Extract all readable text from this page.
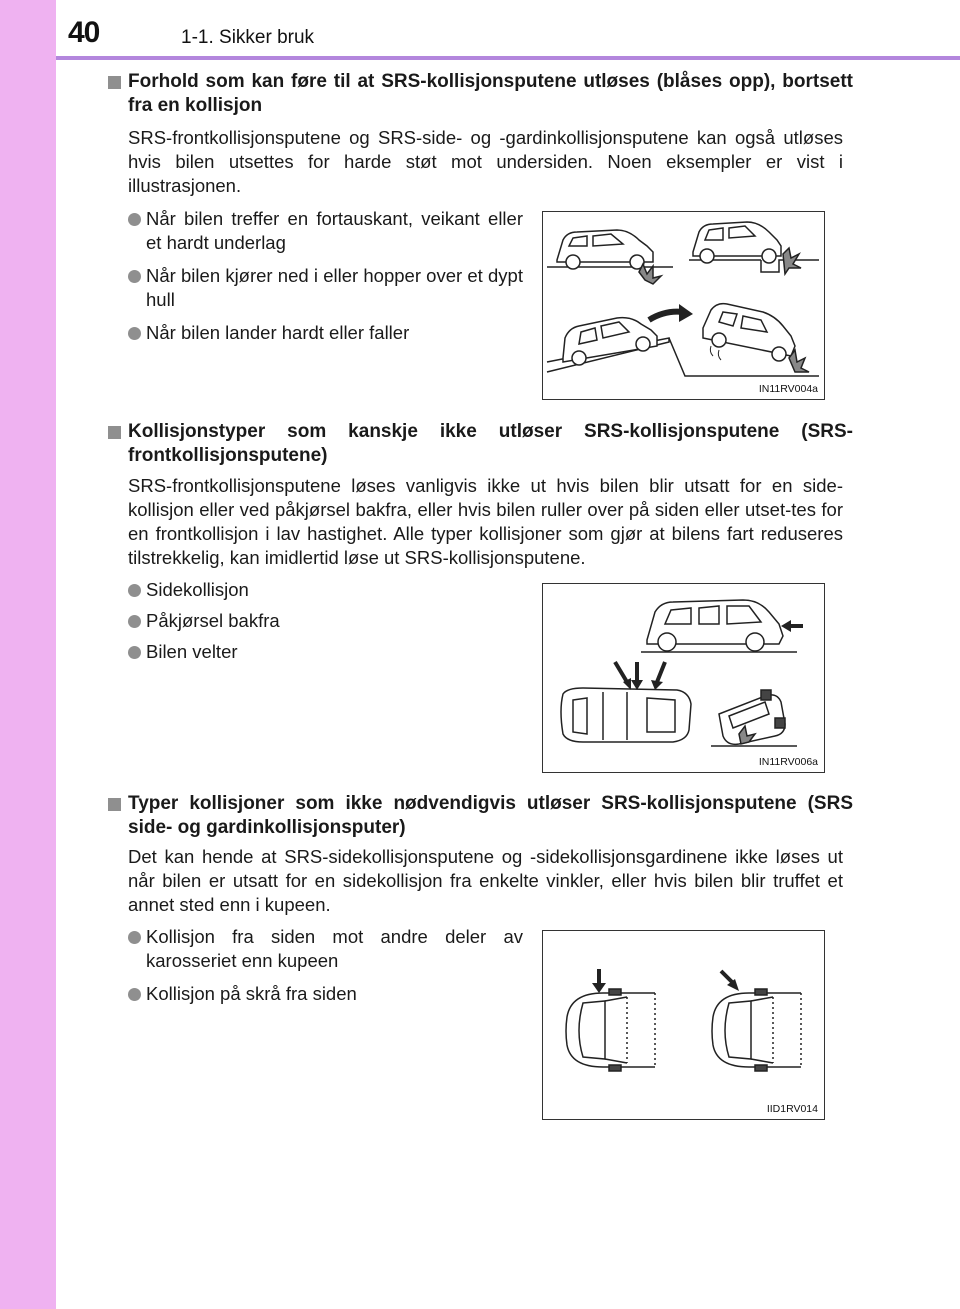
40	1-1. Sikker bruk
Forhold som kan føre til at SRS-kollisjonsputene utløses (blåses opp), bortsett fra en kollisjon
SRS-frontkollisjonsputene og SRS-side- og -gardinkollisjonsputene kan også utløses hvis bilen utsettes for harde støt mot undersiden. Noen eksempler er vist i illustrasjonen.
Når bilen treffer en fortauskant, veikant eller et hardt underlag
Når bilen kjører ned i eller hopper over et dypt hull
Når bilen lander hardt eller faller
IN11RV004a
Kollisjonstyper som kanskje ikke utløser SRS-kollisjonsputene (SRS-frontkollisjonsputene)
SRS-frontkollisjonsputene løses vanligvis ikke ut hvis bilen blir utsatt for en side-kollisjon eller ved påkjørsel bakfra, eller hvis bilen ruller over på siden eller utset-tes for en frontkollisjon i lav hastighet. Alle typer kollisjoner som gjør at bilens fart reduseres tilstrekkelig, kan imidlertid løse ut SRS-kollisjonsputene.
Sidekollisjon
Påkjørsel bakfra
Bilen velter
IN11RV006a
Typer kollisjoner som ikke nødvendigvis utløser SRS-kollisjonsputene (SRS side- og gardinkollisjonsputer)
Det kan hende at SRS-sidekollisjonsputene og -sidekollisjonsgardinene ikke løses ut når bilen er utsatt for en sidekollisjon fra enkelte vinkler, eller hvis bilen blir truffet et annet sted enn i kupeen.
Kollisjon fra siden mot andre deler av karosseriet enn kupeen
Kollisjon på skrå fra siden
IID1RV014
